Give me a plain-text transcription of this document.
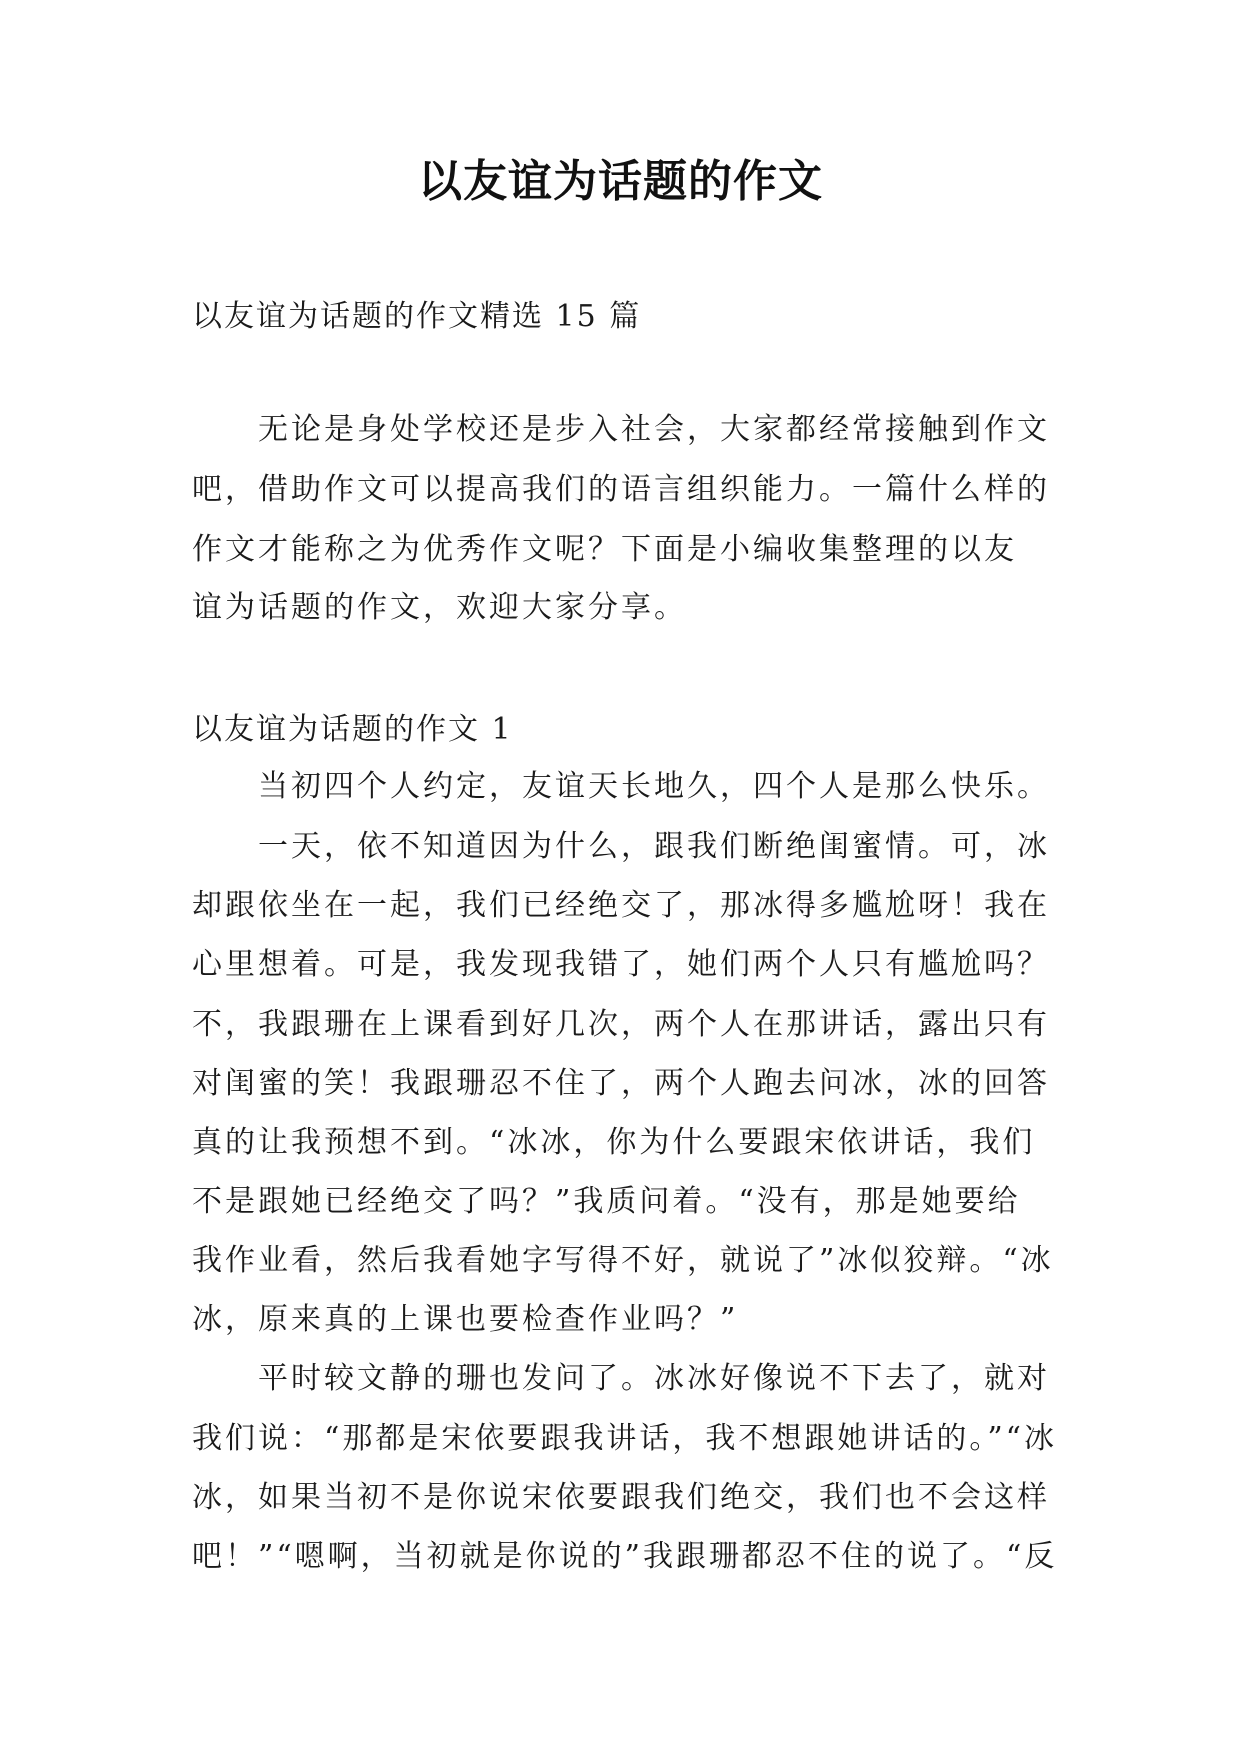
以友谊为话题的作文

以友谊为话题的作文精选 15 篇

　　无论是身处学校还是步入社会，大家都经常接触到作文

吧，借助作文可以提高我们的语言组织能力。一篇什么样的

作文才能称之为优秀作文呢？下面是小编收集整理的以友

谊为话题的作文，欢迎大家分享。

以友谊为话题的作文 1

　　当初四个人约定，友谊天长地久，四个人是那么快乐。

　　一天，依不知道因为什么，跟我们断绝闺蜜情。可，冰

却跟依坐在一起，我们已经绝交了，那冰得多尴尬呀！我在

心里想着。可是，我发现我错了，她们两个人只有尴尬吗？

不，我跟珊在上课看到好几次，两个人在那讲话，露出只有

对闺蜜的笑！我跟珊忍不住了，两个人跑去问冰，冰的回答

真的让我预想不到。“冰冰，你为什么要跟宋依讲话，我们

不是跟她已经绝交了吗？”我质问着。“没有，那是她要给

我作业看，然后我看她字写得不好，就说了”冰似狡辩。“冰

冰，原来真的上课也要检查作业吗？”

　　平时较文静的珊也发问了。冰冰好像说不下去了，就对

我们说：“那都是宋依要跟我讲话，我不想跟她讲话的。”“冰

冰，如果当初不是你说宋依要跟我们绝交，我们也不会这样

吧！”“嗯啊，当初就是你说的”我跟珊都忍不住的说了。“反
